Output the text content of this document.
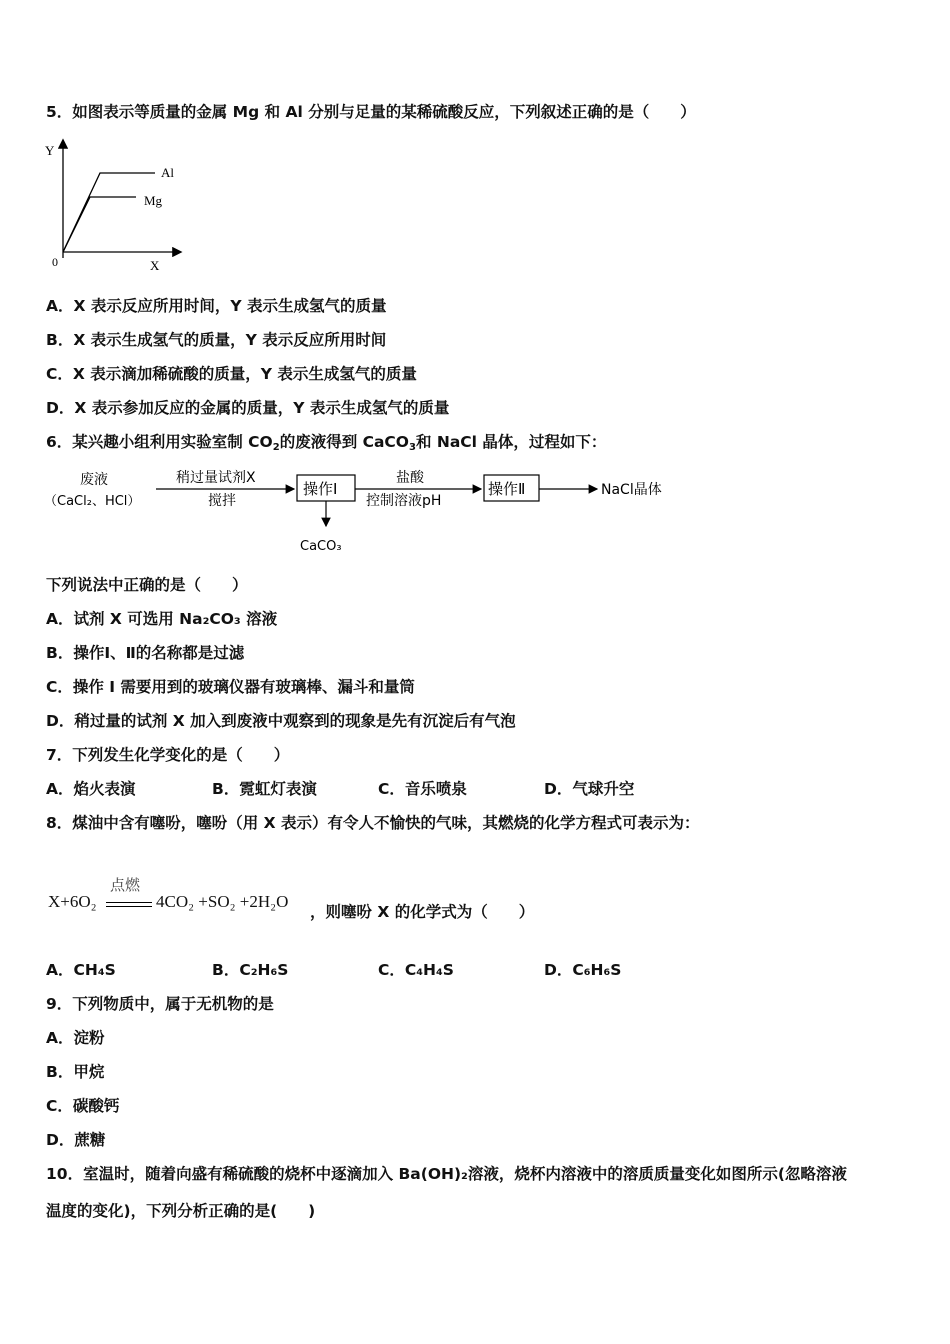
5．如图表示等质量的金属 Mg 和 Al 分别与足量的某稀硫酸反应，下列叙述正确的是（　　）
Y
X
0
Al
Mg
A．X 表示反应所用时间，Y 表示生成氢气的质量
B．X 表示生成氢气的质量，Y 表示反应所用时间
C．X 表示滴加稀硫酸的质量，Y 表示生成氢气的质量
D．X 表示参加反应的金属的质量，Y 表示生成氢气的质量
6．某兴趣小组利用实验室制 $CO_2$的废液得到 CaCO$_3$和 NaCl 晶体，过程如下：
废液
（CaCl₂、HCl）
稍过量试剂X
搅拌
操作Ⅰ
CaCO₃
盐酸
控制溶液pH
操作Ⅱ	NaCl晶体
下列说法中正确的是（　　）
A．试剂 X 可选用 Na₂CO₃ 溶液
B．操作Ⅰ、Ⅱ的名称都是过滤
C．操作 I 需要用到的玻璃仪器有玻璃棒、漏斗和量筒
D．稍过量的试剂 X 加入到废液中观察到的现象是先有沉淀后有气泡
7．下列发生化学变化的是（　　）
A．焰火表演	B．霓虹灯表演	C．音乐喷泉	D．气球升空
8．煤油中含有噻吩，噻吩（用 X 表示）有令人不愉快的气味，其燃烧的化学方程式可表示为：
X+6O₂
点燃
4CO₂ +SO₂ +2H₂O
，则噻吩 X 的化学式为（　　）
A．CH₄S	B．C₂H₆S	C．C₄H₄S	D．C₆H₆S
9．下列物质中，属于无机物的是
A．淀粉
B．甲烷
C．碳酸钙
D．蔗糖
10．室温时，随着向盛有稀硫酸的烧杯中逐滴加入 Ba(OH)₂溶液，烧杯内溶液中的溶质质量变化如图所示(忽略溶液
温度的变化)，下列分析正确的是(　　)
